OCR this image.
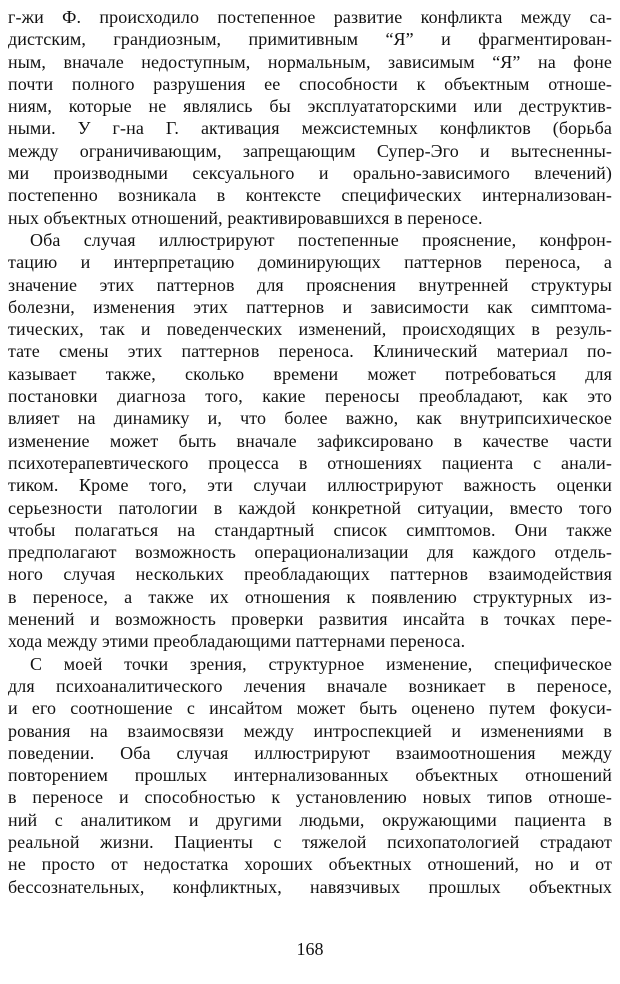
г-жи Ф. происходило постепенное развитие конфликта между са-
дистским, грандиозным, примитивным “Я” и фрагментирован-
ным, вначале недоступным, нормальным, зависимым “Я” на фоне
почти полного разрушения ее способности к объектным отноше-
ниям, которые не являлись бы эксплуататорскими или деструктив-
ными. У г-на Г. активация межсистемных конфликтов (борьба
между ограничивающим, запрещающим Супер-Эго и вытесненны-
ми производными сексуального и орально-зависимого влечений)
постепенно возникала в контексте специфических интернализован-
ных объектных отношений, реактивировавшихся в переносе.
Оба случая иллюстрируют постепенные прояснение, конфрон-
тацию и интерпретацию доминирующих паттернов переноса, а
значение этих паттернов для прояснения внутренней структуры
болезни, изменения этих паттернов и зависимости как симптома-
тических, так и поведенческих изменений, происходящих в резуль-
тате смены этих паттернов переноса. Клинический материал по-
казывает также, сколько времени может потребоваться для
постановки диагноза того, какие переносы преобладают, как это
влияет на динамику и, что более важно, как внутрипсихическое
изменение может быть вначале зафиксировано в качестве части
психотерапевтического процесса в отношениях пациента с анали-
тиком. Кроме того, эти случаи иллюстрируют важность оценки
серьезности патологии в каждой конкретной ситуации, вместо того
чтобы полагаться на стандартный список симптомов. Они также
предполагают возможность операционализации для каждого отдель-
ного случая нескольких преобладающих паттернов взаимодействия
в переносе, а также их отношения к появлению структурных из-
менений и возможность проверки развития инсайта в точках пере-
хода между этими преобладающими паттернами переноса.
С моей точки зрения, структурное изменение, специфическое
для психоаналитического лечения вначале возникает в переносе,
и его соотношение с инсайтом может быть оценено путем фокуси-
рования на взаимосвязи между интроспекцией и изменениями в
поведении. Оба случая иллюстрируют взаимоотношения между
повторением прошлых интернализованных объектных отношений
в переносе и способностью к установлению новых типов отноше-
ний с аналитиком и другими людьми, окружающими пациента в
реальной жизни. Пациенты с тяжелой психопатологией страдают
не просто от недостатка хороших объектных отношений, но и от
бессознательных, конфликтных, навязчивых прошлых объектных
168
